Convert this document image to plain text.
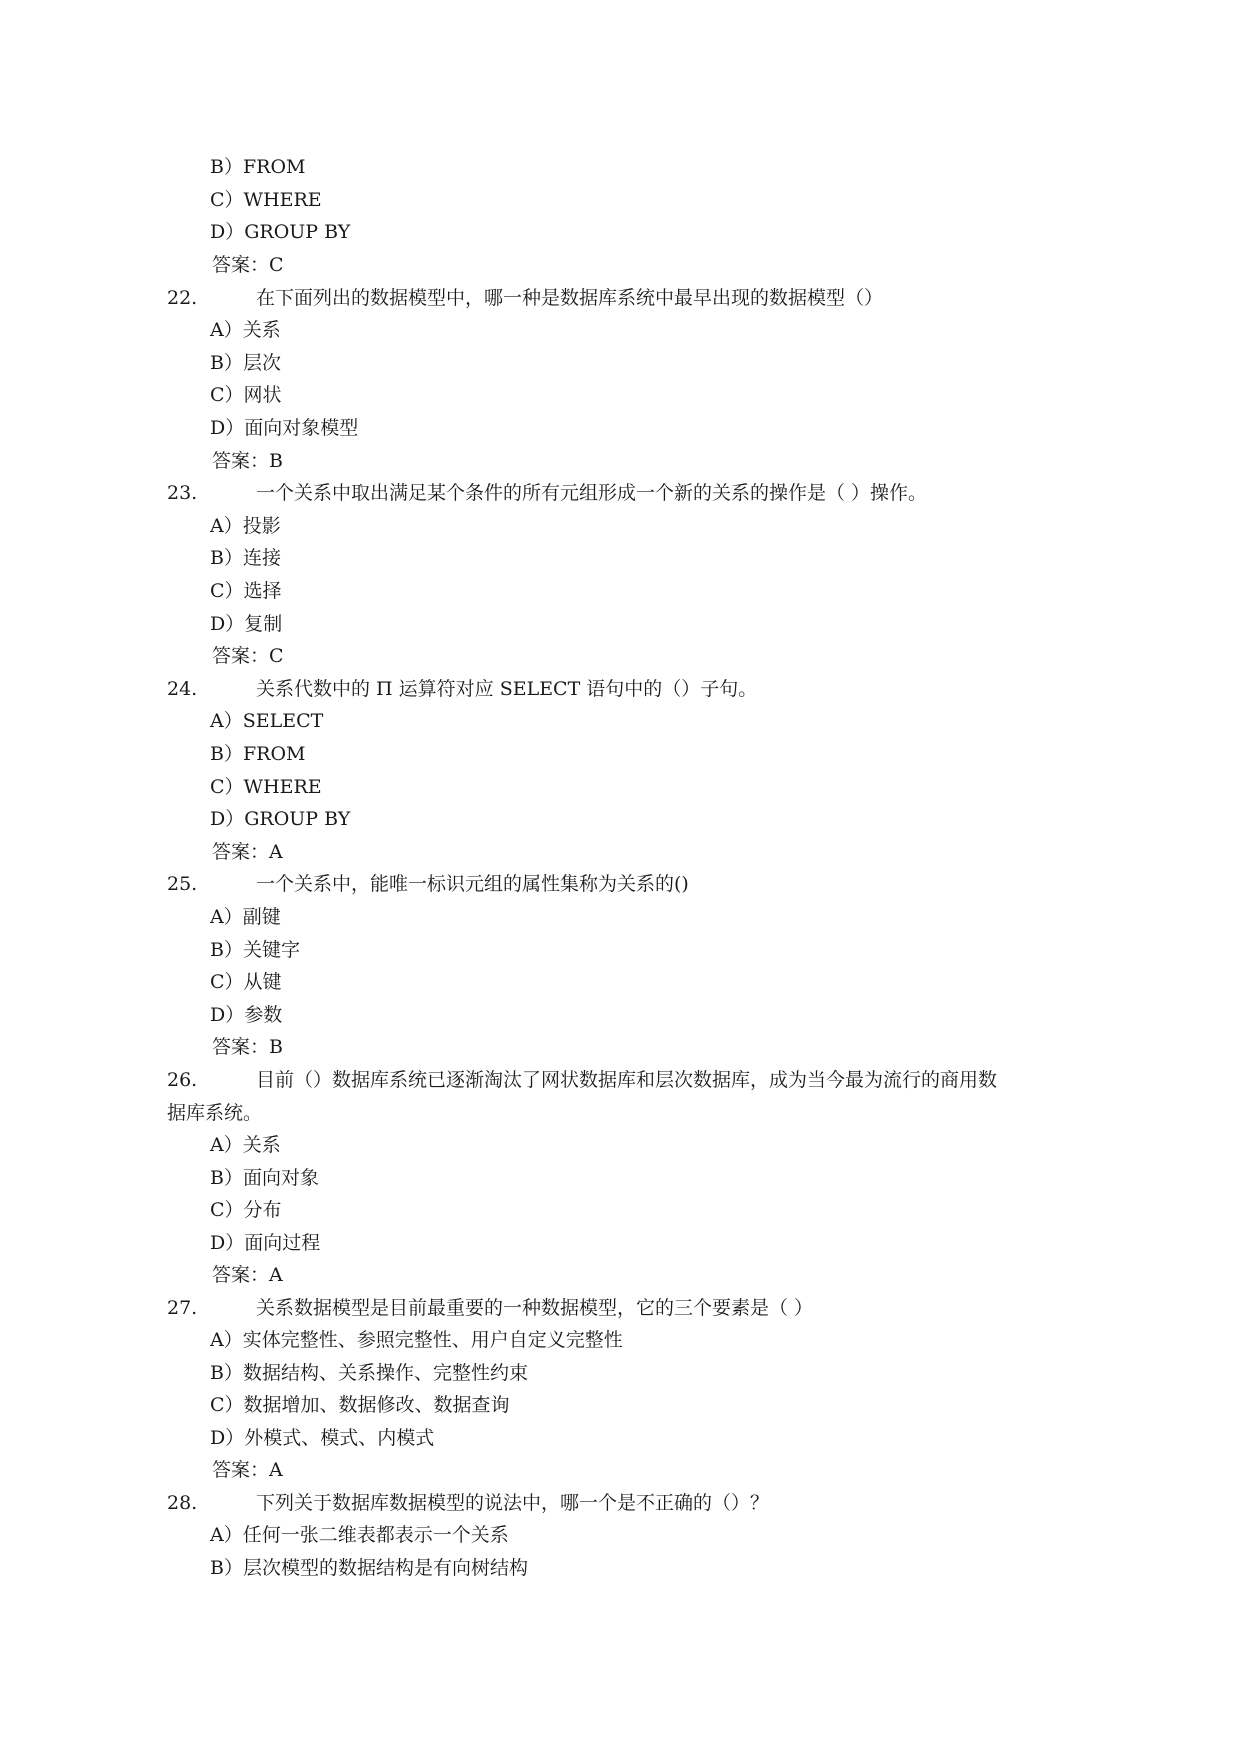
B）FROM
C）WHERE
D）GROUP BY
答案：C
22.	在下面列出的数据模型中，哪一种是数据库系统中最早出现的数据模型（）
A）关系
B）层次
C）网状
D）面向对象模型
答案：B
23.	一个关系中取出满足某个条件的所有元组形成一个新的关系的操作是（ ）操作。
A）投影
B）连接
C）选择
D）复制
答案：C
24.	关系代数中的 Π 运算符对应 SELECT 语句中的（）子句。
A）SELECT
B）FROM
C）WHERE
D）GROUP BY
答案：A
25.	一个关系中，能唯一标识元组的属性集称为关系的()
A）副键
B）关键字
C）从键
D）参数
答案：B
26.	目前（）数据库系统已逐渐淘汰了网状数据库和层次数据库，成为当今最为流行的商用数
据库系统。
A）关系
B）面向对象
C）分布
D）面向过程
答案：A
27.	关系数据模型是目前最重要的一种数据模型，它的三个要素是（ ）
A）实体完整性、参照完整性、用户自定义完整性
B）数据结构、关系操作、完整性约束
C）数据增加、数据修改、数据查询
D）外模式、模式、内模式
答案：A
28.	下列关于数据库数据模型的说法中，哪一个是不正确的（）？
A）任何一张二维表都表示一个关系
B）层次模型的数据结构是有向树结构
